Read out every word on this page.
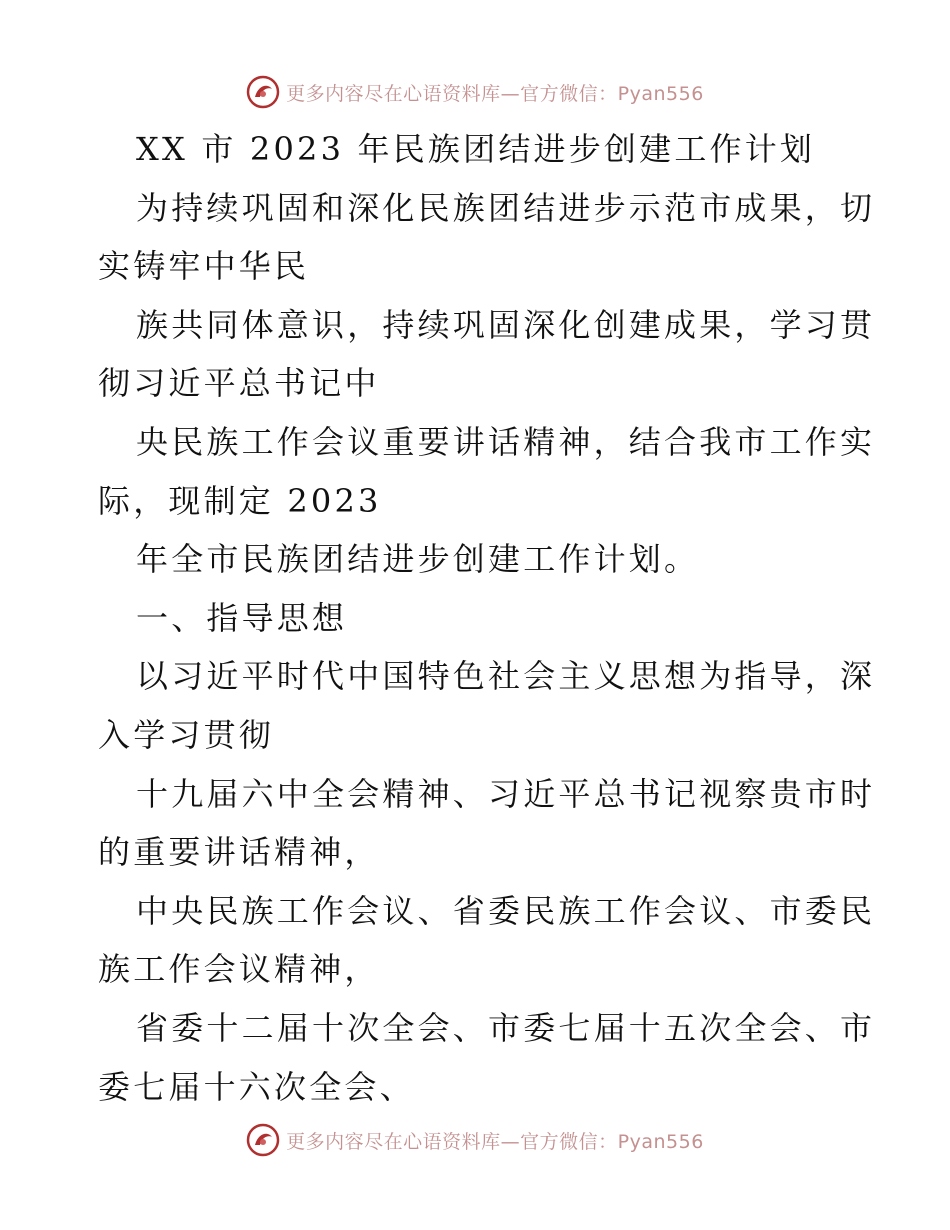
更多内容尽在心语资料库—官方微信：Pyan556
XX 市 2023 年民族团结进步创建工作计划
为持续巩固和深化民族团结进步示范市成果，切
实铸牢中华民
族共同体意识，持续巩固深化创建成果，学习贯
彻习近平总书记中
央民族工作会议重要讲话精神，结合我市工作实
际，现制定 2023
年全市民族团结进步创建工作计划。
一、指导思想
以习近平时代中国特色社会主义思想为指导，深
入学习贯彻
十九届六中全会精神、习近平总书记视察贵市时
的重要讲话精神，
中央民族工作会议、省委民族工作会议、市委民
族工作会议精神，
省委十二届十次全会、市委七届十五次全会、市
委七届十六次全会、
更多内容尽在心语资料库—官方微信：Pyan556
